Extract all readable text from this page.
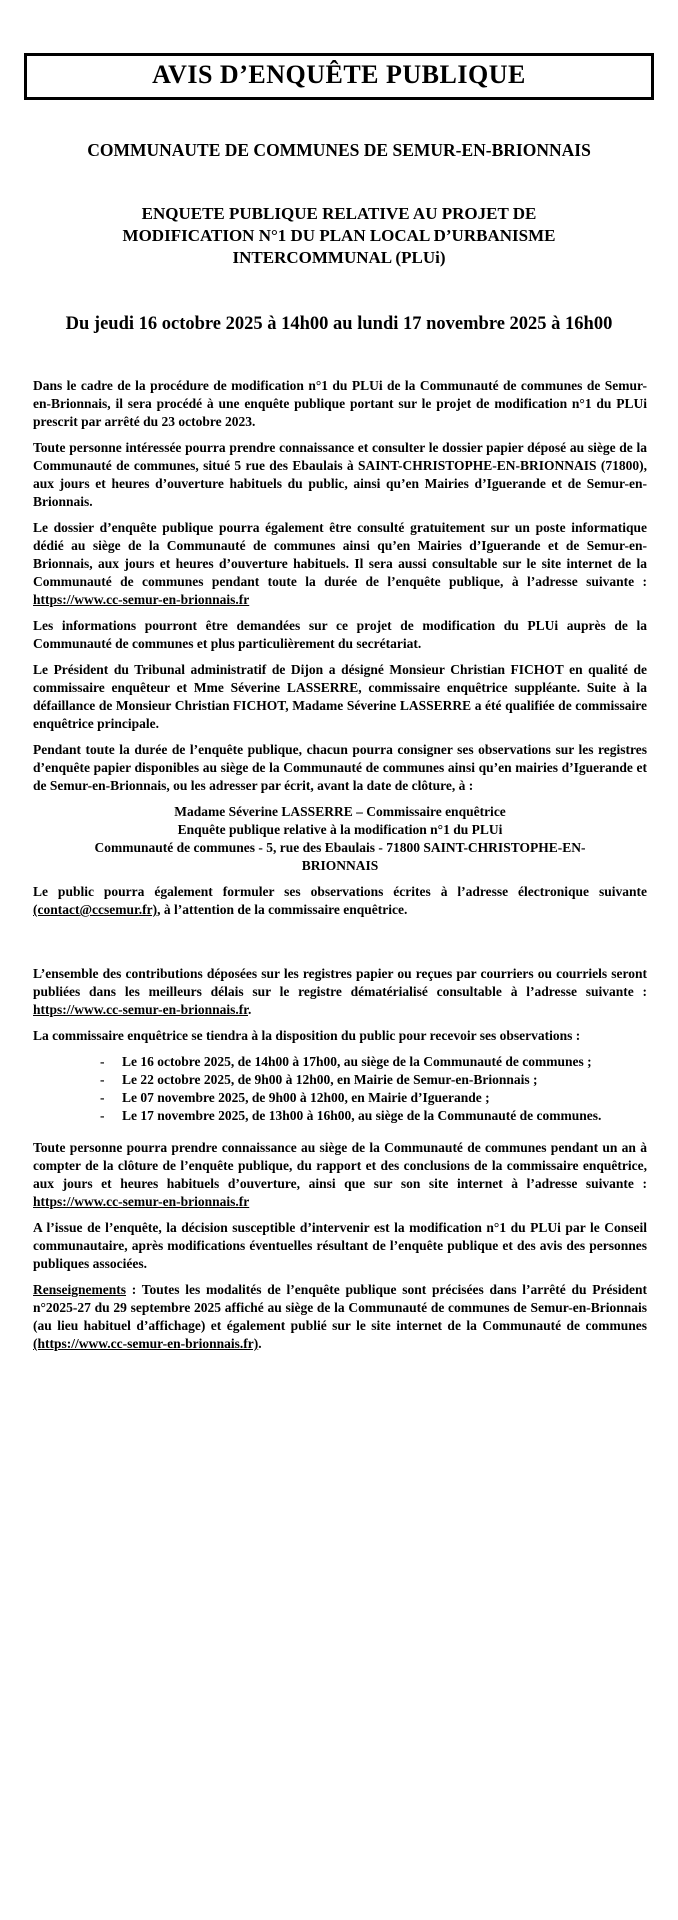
AVIS D’ENQUÊTE PUBLIQUE
COMMUNAUTE DE COMMUNES DE SEMUR-EN-BRIONNAIS
ENQUETE PUBLIQUE RELATIVE AU PROJET DE
MODIFICATION N°1 DU PLAN LOCAL D’URBANISME
INTERCOMMUNAL (PLUi)
Du jeudi 16 octobre 2025 à 14h00 au lundi 17 novembre 2025 à 16h00

Dans le cadre de la procédure de modification n°1 du PLUi de la Communauté de communes de Semur-en-Brionnais, il sera procédé à une enquête publique portant sur le projet de modification n°1 du PLUi prescrit par arrêté du 23 octobre 2023.

Toute personne intéressée pourra prendre connaissance et consulter le dossier papier déposé au siège de la Communauté de communes, situé 5 rue des Ebaulais à SAINT-CHRISTOPHE-EN-BRIONNAIS (71800), aux jours et heures d’ouverture habituels du public, ainsi qu’en Mairies d’Iguerande et de Semur-en-Brionnais.

Le dossier d’enquête publique pourra également être consulté gratuitement sur un poste informatique dédié au siège de la Communauté de communes ainsi qu’en Mairies d’Iguerande et de Semur-en-Brionnais, aux jours et heures d’ouverture habituels. Il sera aussi consultable sur le site internet de la Communauté de communes pendant toute la durée de l’enquête publique, à l’adresse suivante : https://www.cc-semur-en-brionnais.fr

Les informations pourront être demandées sur ce projet de modification du PLUi auprès de la Communauté de communes et plus particulièrement du secrétariat.

Le Président du Tribunal administratif de Dijon a désigné Monsieur Christian FICHOT en qualité de commissaire enquêteur et Mme Séverine LASSERRE, commissaire enquêtrice suppléante. Suite à la défaillance de Monsieur Christian FICHOT, Madame Séverine LASSERRE a été qualifiée de commissaire enquêtrice principale.

Pendant toute la durée de l’enquête publique, chacun pourra consigner ses observations sur les registres d’enquête papier disponibles au siège de la Communauté de communes ainsi qu’en mairies d’Iguerande et de Semur-en-Brionnais, ou les adresser par écrit, avant la date de clôture, à :

Madame Séverine LASSERRE – Commissaire enquêtrice
Enquête publique relative à la modification n°1 du PLUi
Communauté de communes - 5, rue des Ebaulais - 71800 SAINT-CHRISTOPHE-EN-BRIONNAIS

Le public pourra également formuler ses observations écrites à l’adresse électronique suivante (contact@ccsemur.fr), à l’attention de la commissaire enquêtrice.

L’ensemble des contributions déposées sur les registres papier ou reçues par courriers ou courriels seront publiées dans les meilleurs délais sur le registre dématérialisé consultable à l’adresse suivante : https://www.cc-semur-en-brionnais.fr.

La commissaire enquêtrice se tiendra à la disposition du public pour recevoir ses observations :

-	Le 16 octobre 2025, de 14h00 à 17h00, au siège de la Communauté de communes ;
-	Le 22 octobre 2025, de 9h00 à 12h00, en Mairie de Semur-en-Brionnais ;
-	Le 07 novembre 2025, de 9h00 à 12h00, en Mairie d’Iguerande ;
-	Le 17 novembre 2025, de 13h00 à 16h00, au siège de la Communauté de communes.

Toute personne pourra prendre connaissance au siège de la Communauté de communes pendant un an à compter de la clôture de l’enquête publique, du rapport et des conclusions de la commissaire enquêtrice, aux jours et heures habituels d’ouverture, ainsi que sur son site internet à l’adresse suivante : https://www.cc-semur-en-brionnais.fr

A l’issue de l’enquête, la décision susceptible d’intervenir est la modification n°1 du PLUi par le Conseil communautaire, après modifications éventuelles résultant de l’enquête publique et des avis des personnes publiques associées.

Renseignements : Toutes les modalités de l’enquête publique sont précisées dans l’arrêté du Président n°2025-27 du 29 septembre 2025 affiché au siège de la Communauté de communes de Semur-en-Brionnais (au lieu habituel d’affichage) et également publié sur le site internet de la Communauté de communes (https://www.cc-semur-en-brionnais.fr).
